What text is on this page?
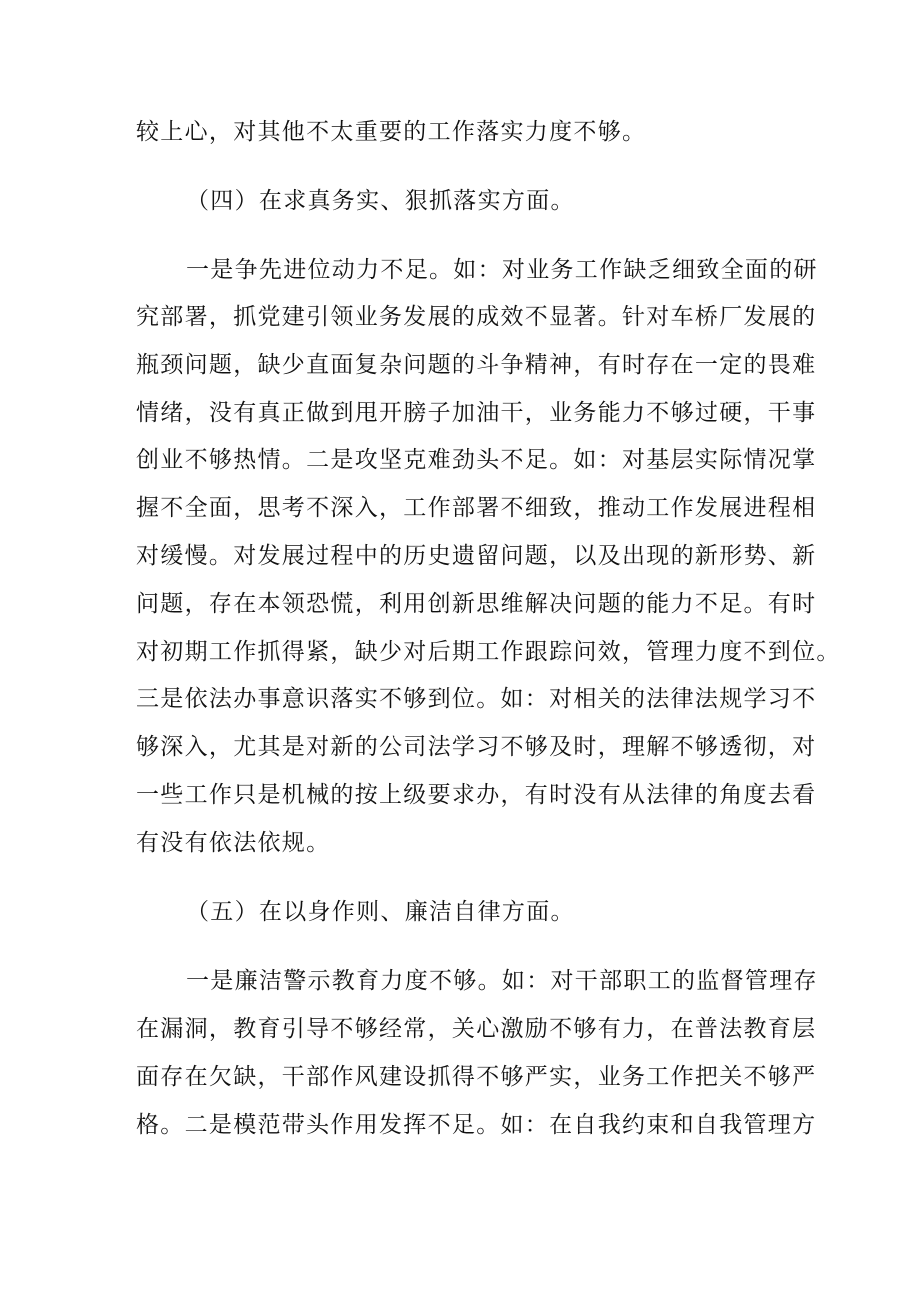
较上心，对其他不太重要的工作落实力度不够。
（四）在求真务实、狠抓落实方面。
一是争先进位动力不足。如：对业务工作缺乏细致全面的研
究部署，抓党建引领业务发展的成效不显著。针对车桥厂发展的
瓶颈问题，缺少直面复杂问题的斗争精神，有时存在一定的畏难
情绪，没有真正做到甩开膀子加油干，业务能力不够过硬，干事
创业不够热情。二是攻坚克难劲头不足。如：对基层实际情况掌
握不全面，思考不深入，工作部署不细致，推动工作发展进程相
对缓慢。对发展过程中的历史遗留问题，以及出现的新形势、新
问题，存在本领恐慌，利用创新思维解决问题的能力不足。有时
对初期工作抓得紧，缺少对后期工作跟踪问效，管理力度不到位。
三是依法办事意识落实不够到位。如：对相关的法律法规学习不
够深入，尤其是对新的公司法学习不够及时，理解不够透彻，对
一些工作只是机械的按上级要求办，有时没有从法律的角度去看
有没有依法依规。
（五）在以身作则、廉洁自律方面。
一是廉洁警示教育力度不够。如：对干部职工的监督管理存
在漏洞，教育引导不够经常，关心激励不够有力，在普法教育层
面存在欠缺，干部作风建设抓得不够严实，业务工作把关不够严
格。二是模范带头作用发挥不足。如：在自我约束和自我管理方
